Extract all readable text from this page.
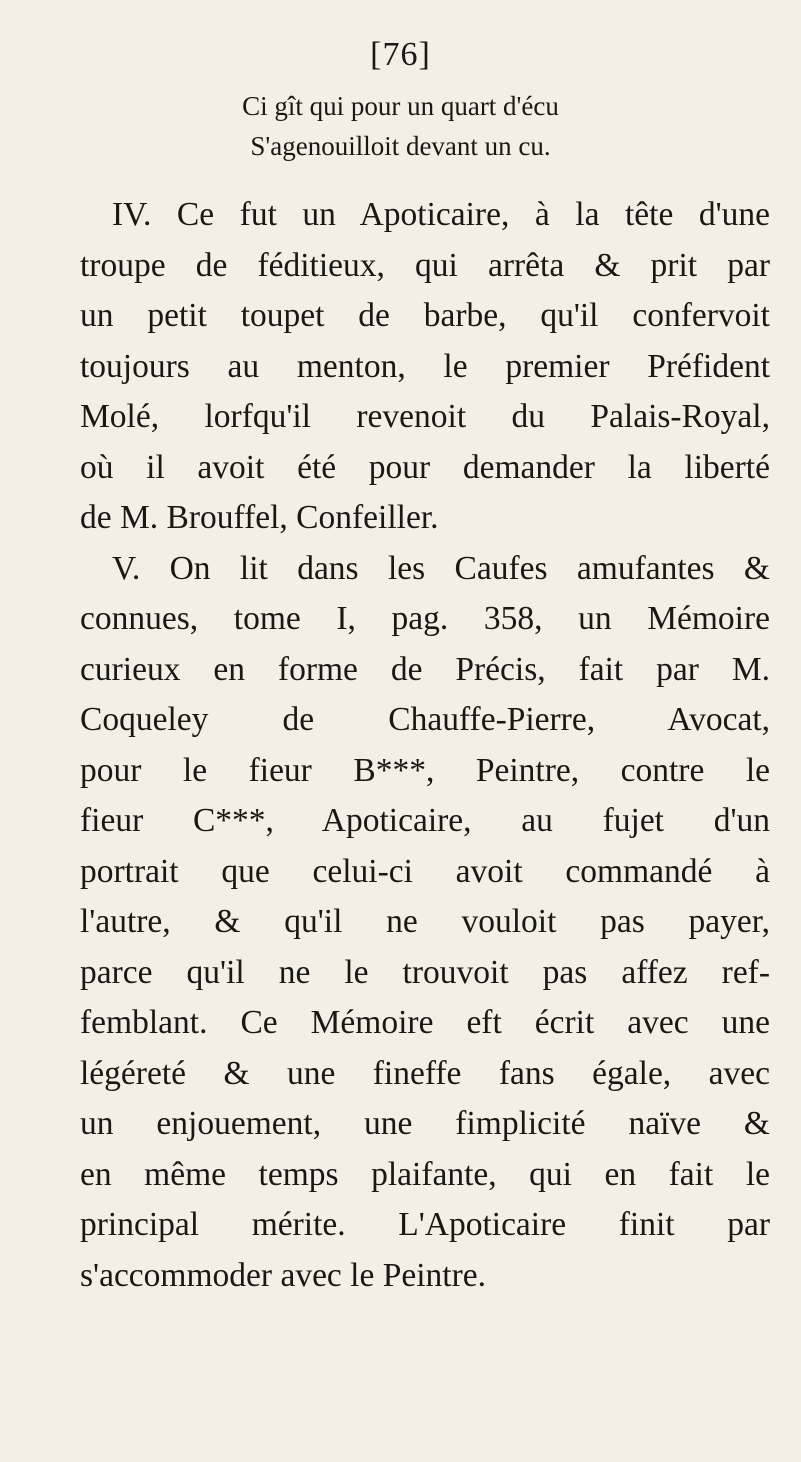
[76]
Ci gît qui pour un quart d'écu
S'agenouilloit devant un cu.

IV. Ce fut un Apoticaire, à la tête d'une
troupe de féditieux, qui arrêta & prit par
un petit toupet de barbe, qu'il confervoit
toujours au menton, le premier Préfident
Molé, lorfqu'il revenoit du Palais-Royal,
où il avoit été pour demander la liberté
de M. Brouffel, Confeiller.

V. On lit dans les Caufes amufantes &
connues, tome I, pag. 358, un Mémoire
curieux en forme de Précis, fait par M.
Coqueley de Chauffe-Pierre, Avocat,
pour le fieur B***, Peintre, contre le
fieur C***, Apoticaire, au fujet d'un
portrait que celui-ci avoit commandé à
l'autre, & qu'il ne vouloit pas payer,
parce qu'il ne le trouvoit pas affez ref-
femblant. Ce Mémoire eft écrit avec une
légéreté & une fineffe fans égale, avec
un enjouement, une fimplicité naïve &
en même temps plaifante, qui en fait le
principal mérite. L'Apoticaire finit par
s'accommoder avec le Peintre.
